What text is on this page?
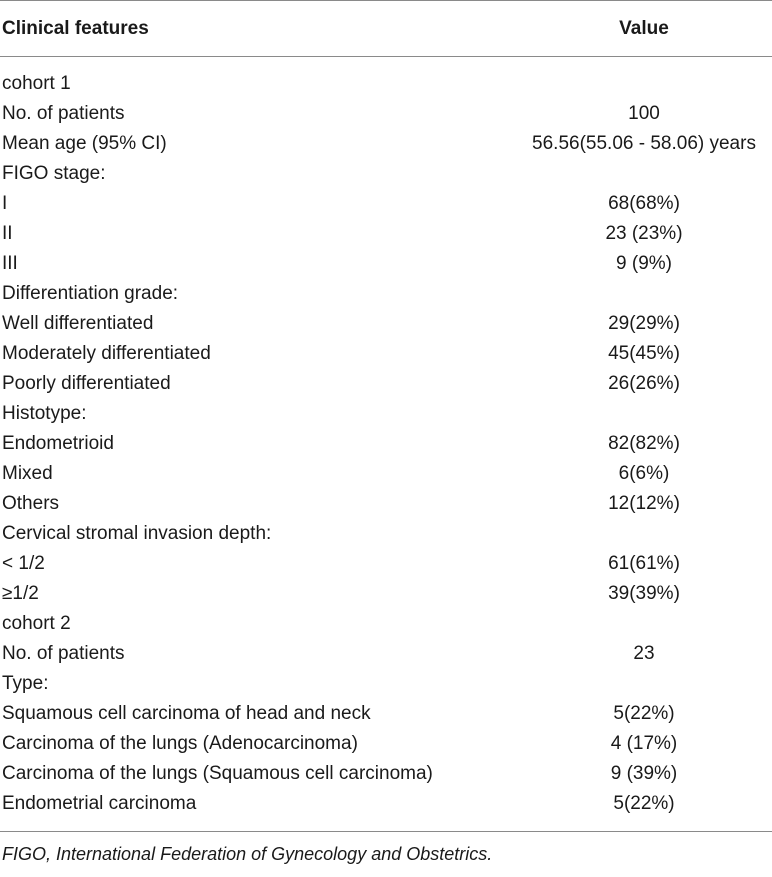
Clinical features	Value
cohort 1
No. of patients	100
Mean age (95% CI)	56.56(55.06 - 58.06) years
FIGO stage:
I	68(68%)
II	23 (23%)
III	9 (9%)
Differentiation grade:
Well differentiated	29(29%)
Moderately differentiated	45(45%)
Poorly differentiated	26(26%)
Histotype:
Endometrioid	82(82%)
Mixed	6(6%)
Others	12(12%)
Cervical stromal invasion depth:
< 1/2	61(61%)
≥1/2	39(39%)
cohort 2
No. of patients	23
Type:
Squamous cell carcinoma of head and neck	5(22%)
Carcinoma of the lungs (Adenocarcinoma)	4 (17%)
Carcinoma of the lungs (Squamous cell carcinoma)	9 (39%)
Endometrial carcinoma	5(22%)
FIGO, International Federation of Gynecology and Obstetrics.
